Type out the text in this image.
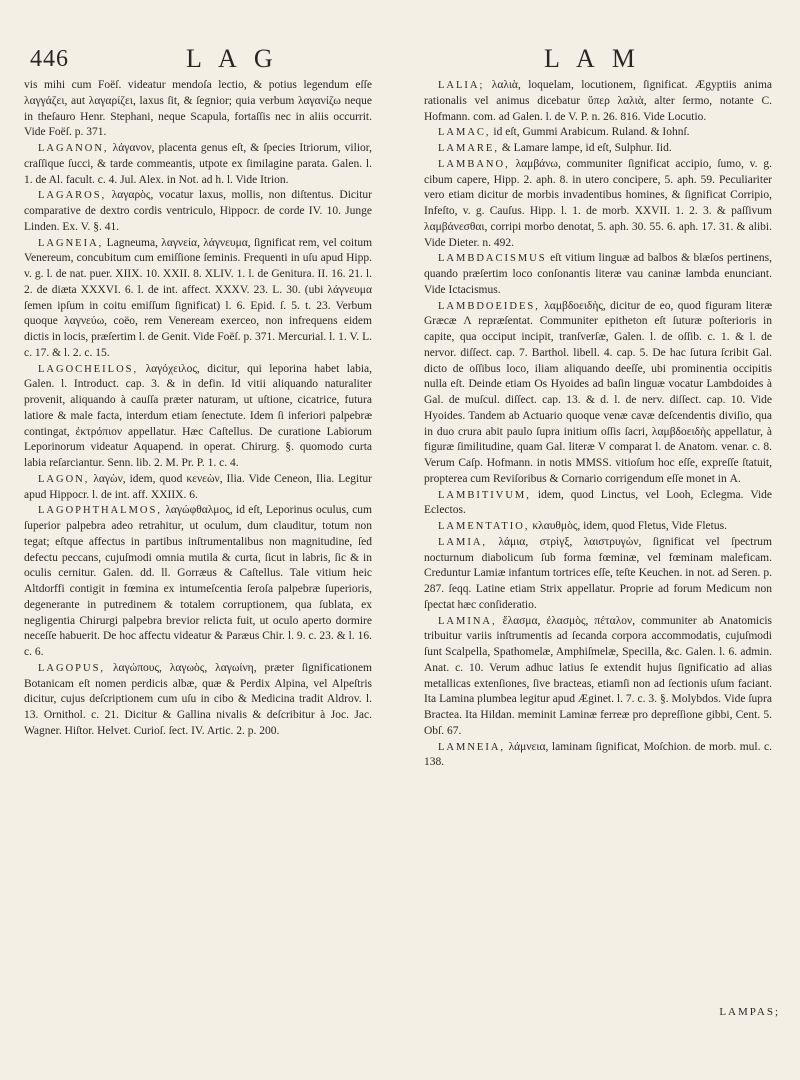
446	L A G	L A M

vis mihi cum Foëſ. videatur mendoſa lectio, & potius legendum eſſe λαγγάζει, aut λαγαρίζει, laxus ſit, & ſegnior; quia verbum λαγανίζω neque in theſauro Henr. Stephani, neque Scapula, fortaſſis nec in aliis occurrit. Vide Foëſ. p. 371.

LAGANON, λάγανον, placenta genus eſt, & ſpecies Itriorum, vilior, craſſique ſucci, & tarde commeantis, utpote ex ſimilagine parata. Galen. l. 1. de Al. facult. c. 4. Jul. Alex. in Not. ad h. l. Vide Itrion.

LAGAROS, λαγαρὸς, vocatur laxus, mollis, non diſtentus. Dicitur comparative de dextro cordis ventriculo, Hippocr. de corde IV. 10. Junge Linden. Ex. V. §. 41.

LAGNEIA, Lagneuma, λαγνεία, λάγνευμα, ſignificat rem, vel coitum Venereum, concubitum cum emiſſione ſeminis. Frequenti in uſu apud Hipp. v. g. l. de nat. puer. XIIX. 10. XXII. 8. XLIV. 1. l. de Genitura. II. 16. 21. l. 2. de diæta XXXVI. 6. l. de int. affect. XXXV. 23. L. 30. (ubi λάγνευμα ſemen ipſum in coitu emiſſum ſignificat) l. 6. Epid. ſ. 5. t. 23. Verbum quoque λαγνεύω, coëo, rem Veneream exerceo, non infrequens eidem dictis in locis, præſertim l. de Genit. Vide Foëſ. p. 371. Mercurial. l. 1. V. L. c. 17. & l. 2. c. 15.

LAGOCHEILOS, λαγόχειλος, dicitur, qui leporina habet labia, Galen. l. Introduct. cap. 3. & in defin. Id vitii aliquando naturaliter provenit, aliquando à cauſſa præter naturam, ut uſtione, cicatrice, futura latiore & male facta, interdum etiam ſenectute. Idem ſi inferiori palpebræ contingat, ἐκτρόπιον appellatur. Hæc Caſtellus. De curatione Labiorum Leporinorum videatur Aquapend. in operat. Chirurg. §. quomodo curta labia reſarciantur. Senn. lib. 2. M. Pr. P. 1. c. 4.

LAGON, λαγὼν, idem, quod κενεὼν, Ilia. Vide Ceneon, Ilia. Legitur apud Hippocr. l. de int. aff. XXIIX. 6.

LAGOPHTHALMOS, λαγώφθαλμος, id eſt, Leporinus oculus, cum ſuperior palpebra adeo retrahitur, ut oculum, dum clauditur, totum non tegat; eſtque affectus in partibus inſtrumentalibus non magnitudine, ſed defectu peccans, cujuſmodi omnia mutila & curta, ſicut in labris, ſic & in oculis cernitur. Galen. dd. ll. Gorræus & Caſtellus. Tale vitium heic Altdorffi contigit in fœmina ex intumeſcentia ſeroſa palpebræ ſuperioris, degenerante in putredinem & totalem corruptionem, qua ſublata, ex negligentia Chirurgi palpebra brevior relicta fuit, ut oculo aperto dormire neceſſe habuerit. De hoc affectu videatur & Paræus Chir. l. 9. c. 23. & l. 16. c. 6.

LAGOPUS, λαγώπους, λαγωὸς, λαγωίνη, præter ſignificationem Botanicam eſt nomen perdicis albæ, quæ & Perdix Alpina, vel Alpeſtris dicitur, cujus deſcriptionem cum uſu in cibo & Medicina tradit Aldrov. l. 13. Ornithol. c. 21. Dicitur & Gallina nivalis & deſcribitur à Joc. Jac. Wagner. Hiſtor. Helvet. Curioſ. ſect. IV. Artic. 2. p. 200.

LALIA; λαλιὰ, loquelam, locutionem, ſignificat. Ægyptiis anima rationalis vel animus dicebatur ὕπερ λαλιὰ, alter ſermo, notante C. Hofmann. com. ad Galen. l. de V. P. n. 26. 816. Vide Locutio.

LAMAC, id eſt, Gummi Arabicum. Ruland. & Iohnſ.

LAMARE, & Lamare lampe, id eſt, Sulphur. Iid.

LAMBANO, λαμβάνω, communiter ſignificat accipio, ſumo, v. g. cibum capere, Hipp. 2. aph. 8. in utero concipere, 5. aph. 59. Peculiariter vero etiam dicitur de morbis invadentibus homines, & ſignificat Corripio, Infeſto, v. g. Cauſus. Hipp. l. 1. de morb. XXVII. 1. 2. 3. & paſſivum λαμβάνεσθαι, corripi morbo denotat, 5. aph. 30. 55. 6. aph. 17. 31. & alibi. Vide Dieter. n. 492.

LAMBDACISMUS eſt vitium linguæ ad balbos & blæſos pertinens, quando præſertim loco conſonantis literæ vau caninæ lambda enunciant. Vide Ictacismus.

LAMBDOEIDES, λαμβδοειδὴς, dicitur de eo, quod figuram literæ Græcæ Λ repræſentat. Communiter epitheton eſt ſuturæ poſterioris in capite, qua occiput incipit, tranſverſæ, Galen. l. de oſſib. c. 1. & l. de nervor. diſſect. cap. 7. Barthol. libell. 4. cap. 5. De hac ſutura ſcribit Gal. dicto de oſſibus loco, iliam aliquando deeſſe, ubi prominentia occipitis nulla eſt. Deinde etiam Os Hyoides ad baſin linguæ vocatur Lambdoides à Gal. de muſcul. diſſect. cap. 13. & d. l. de nerv. diſſect. cap. 10. Vide Hyoides. Tandem ab Actuario quoque venæ cavæ deſcendentis diviſio, qua in duo crura abit paulo ſupra initium oſſis ſacri, λαμβδοειδὴς appellatur, à figuræ ſimilitudine, quam Gal. literæ V comparat l. de Anatom. venar. c. 8. Verum Caſp. Hofmann. in notis MMSS. vitioſum hoc eſſe, expreſſe ſtatuit, propterea cum Reviſoribus & Cornario corrigendum eſſe monet in Α.

LAMBITIVUM, idem, quod Linctus, vel Looh, Eclegma. Vide Eclectos.

LAMENTATIO, κλαυθμὸς, idem, quod Fletus, Vide Fletus.

LAMIA, λάμια, στρὶγξ, λαιστρυγὼν, ſignificat vel ſpectrum nocturnum diabolicum ſub forma fœminæ, vel fœminam maleficam. Creduntur Lamiæ infantum tortrices eſſe, teſte Keuchen. in not. ad Seren. p. 287. ſeqq. Latine etiam Strix appellatur. Proprie ad forum Medicum non ſpectat hæc conſideratio.

LAMINA, ἔλασμα, ἐλασμὸς, πέταλον, communiter ab Anatomicis tribuitur variis inſtrumentis ad ſecanda corpora accommodatis, cujuſmodi ſunt Scalpella, Spathomelæ, Amphiſmelæ, Specilla, &c. Galen. l. 6. admin. Anat. c. 10. Verum adhuc latius ſe extendit hujus ſignificatio ad alias metallicas extenſiones, ſive bracteas, etiamſi non ad ſectionis uſum faciant. Ita Lamina plumbea legitur apud Æginet. l. 7. c. 3. §. Molybdos. Vide ſupra Bractea. Ita Hildan. meminit Laminæ ferreæ pro depreſſione gibbi, Cent. 5. Obſ. 67.

LAMNEIA, λάμνεια, laminam ſignificat, Moſchion. de morb. mul. c. 138.

LAMPAS;
